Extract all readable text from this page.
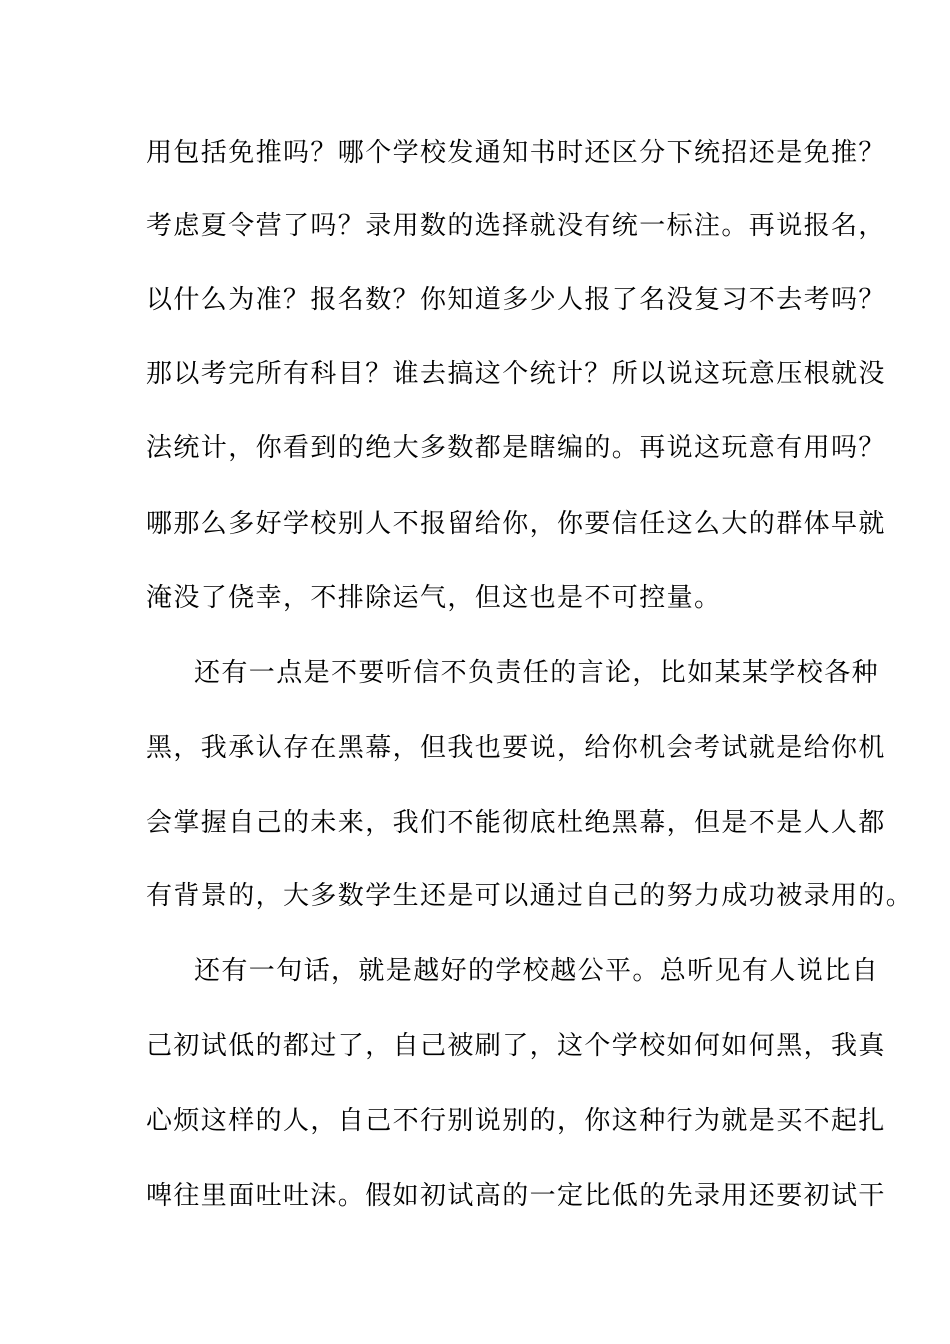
用包括免推吗？哪个学校发通知书时还区分下统招还是免推？
考虑夏令营了吗？录用数的选择就没有统一标注。再说报名，
以什么为准？报名数？你知道多少人报了名没复习不去考吗？
那以考完所有科目？谁去搞这个统计？所以说这玩意压根就没
法统计，你看到的绝大多数都是瞎编的。再说这玩意有用吗？
哪那么多好学校别人不报留给你，你要信任这么大的群体早就
淹没了侥幸，不排除运气，但这也是不可控量。
还有一点是不要听信不负责任的言论，比如某某学校各种
黑，我承认存在黑幕，但我也要说，给你机会考试就是给你机
会掌握自己的未来，我们不能彻底杜绝黑幕，但是不是人人都
有背景的，大多数学生还是可以通过自己的努力成功被录用的。
还有一句话，就是越好的学校越公平。总听见有人说比自
己初试低的都过了，自己被刷了，这个学校如何如何黑，我真
心烦这样的人，自己不行别说别的，你这种行为就是买不起扎
啤往里面吐吐沫。假如初试高的一定比低的先录用还要初试干
